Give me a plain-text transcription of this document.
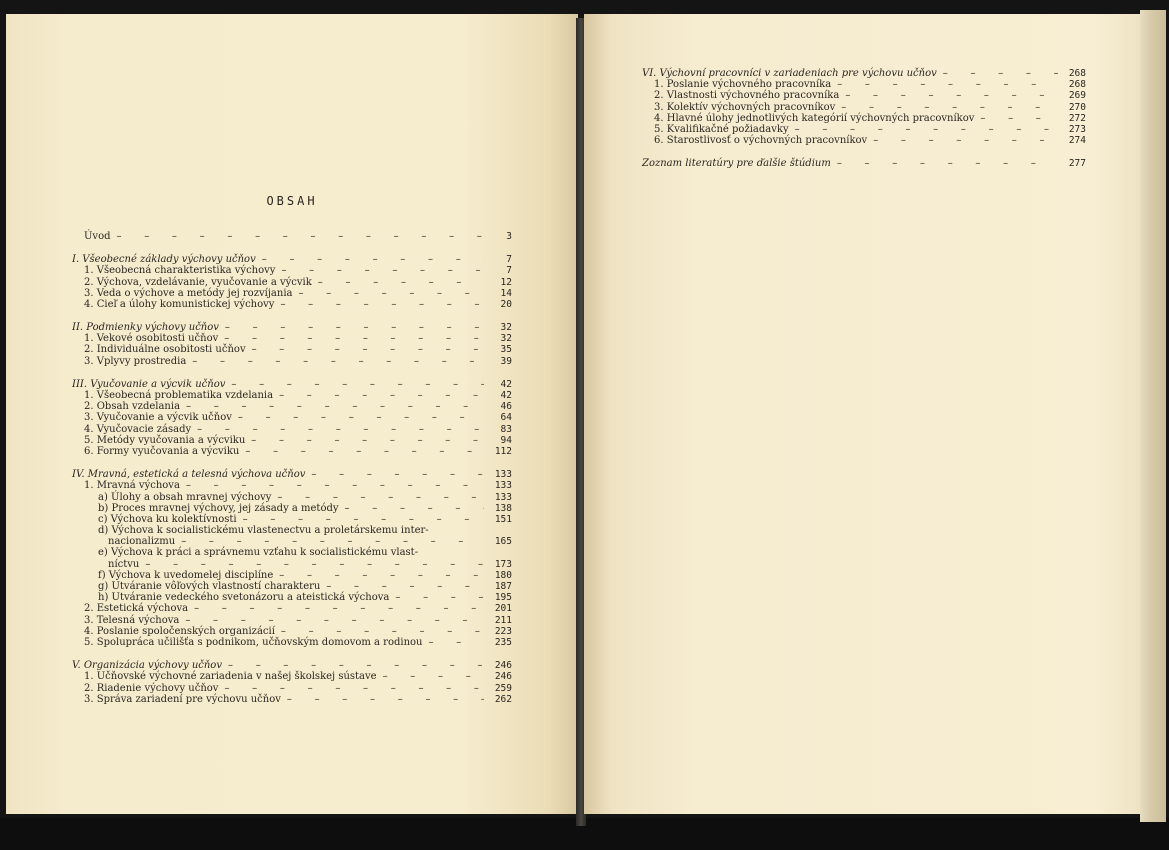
OBSAH
Úvod –	3
I. Všeobecné základy výchovy učňov –	7
1. Všeobecná charakteristika výchovy –	7
2. Výchova, vzdelávanie, vyučovanie a výcvik –	12
3. Veda o výchove a metódy jej rozvíjania –	14
4. Cieľ a úlohy komunistickej výchovy –	20
II. Podmienky výchovy učňov –	32
1. Vekové osobitosti učňov –	32
2. Individuálne osobitosti učňov –	35
3. Vplyvy prostredia –	39
III. Vyučovanie a výcvik učňov –	42
1. Všeobecná problematika vzdelania –	42
2. Obsah vzdelania –	46
3. Vyučovanie a výcvik učňov –	64
4. Vyučovacie zásady –	83
5. Metódy vyučovania a výcviku –	94
6. Formy vyučovania a výcviku –	112
IV. Mravná, estetická a telesná výchova učňov –	133
1. Mravná výchova –	133
a) Úlohy a obsah mravnej výchovy –	133
b) Proces mravnej výchovy, jej zásady a metódy –	138
c) Výchova ku kolektívnosti –	151
d) Výchova k socialistickému vlastenectvu a proletárskemu inter-
nacionalizmu –	165
e) Výchova k práci a správnemu vzťahu k socialistickému vlast-
níctvu –	173
f) Výchova k uvedomelej disciplíne –	180
g) Utváranie vôľových vlastností charakteru –	187
h) Utváranie vedeckého svetonázoru a ateistická výchova –	195
2. Estetická výchova –	201
3. Telesná výchova –	211
4. Poslanie spoločenských organizácií –	223
5. Spolupráca učilišťa s podnikom, učňovským domovom a rodinou –	235
V. Organizácia výchovy učňov –	246
1. Učňovské výchovné zariadenia v našej školskej sústave –	246
2. Riadenie výchovy učňov –	259
3. Správa zariadení pre výchovu učňov –	262
VI. Výchovní pracovníci v zariadeniach pre výchovu učňov –	268
1. Poslanie výchovného pracovníka –	268
2. Vlastnosti výchovného pracovníka –	269
3. Kolektív výchovných pracovníkov –	270
4. Hlavné úlohy jednotlivých kategórií výchovných pracovníkov –	272
5. Kvalifikačné požiadavky –	273
6. Starostlivosť o výchovných pracovníkov –	274
Zoznam literatúry pre ďalšie štúdium –	277
